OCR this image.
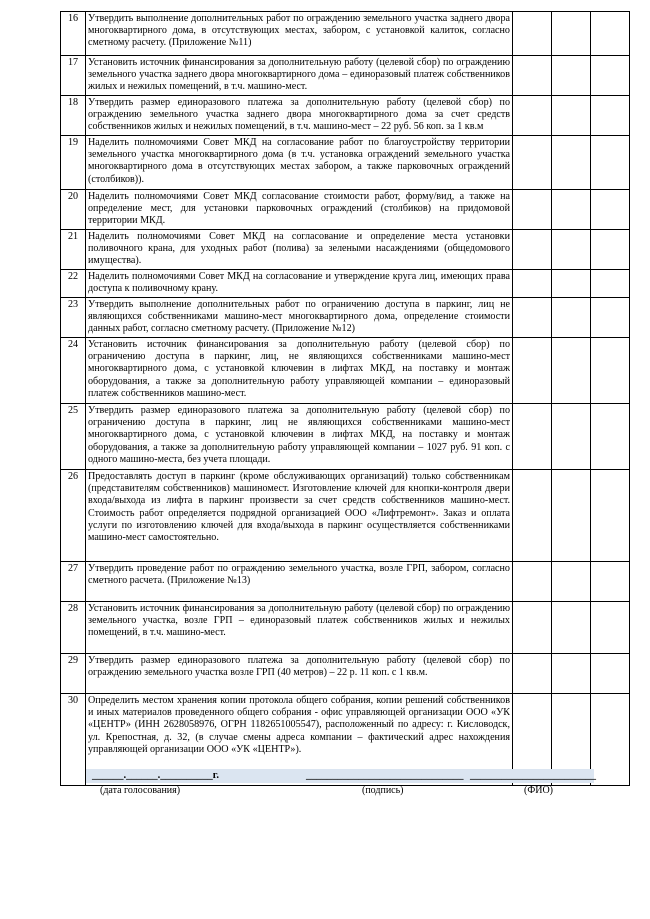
16	Утвердить выполнение дополнительных работ по ограждению земельного участка заднего двора многоквартирного дома, в отсутствующих местах, забором, с установкой калиток, согласно сметному расчету. (Приложение №11)			
17	Установить источник финансирования за дополнительную работу (целевой сбор) по ограждению земельного участка заднего двора многоквартирного дома – единоразовый платеж собственников жилых и нежилых помещений, в т.ч. машино-мест.			
18	Утвердить размер единоразового платежа за дополнительную работу (целевой сбор) по ограждению земельного участка заднего двора многоквартирного дома за счет средств собственников жилых и нежилых помещений, в т.ч. машино-мест – 22 руб. 56 коп. за 1 кв.м			
19	Наделить полномочиями Совет МКД на согласование работ по благоустройству территории земельного участка многоквартирного дома (в т.ч. установка ограждений земельного участка многоквартирного дома в отсутствующих местах забором, а также парковочных ограждений (столбиков)).			
20	Наделить полномочиями Совет МКД согласование стоимости работ, форму/вид, а также на определение мест, для установки парковочных ограждений (столбиков) на придомовой территории МКД.			
21	Наделить полномочиями Совет МКД на согласование и определение места установки поливочного крана, для уходных работ (полива) за зелеными насаждениями (общедомового имущества).			
22	Наделить полномочиями Совет МКД на согласование и утверждение круга лиц, имеющих права доступа к поливочному крану.			
23	Утвердить выполнение дополнительных работ по ограничению доступа в паркинг, лиц не являющихся собственниками машино-мест многоквартирного дома, определение стоимости данных работ, согласно сметному расчету. (Приложение №12)			
24	Установить источник финансирования за дополнительную работу (целевой сбор) по ограничению доступа в паркинг, лиц, не являющихся собственниками машино-мест многоквартирного дома, с установкой ключевин в лифтах МКД, на поставку и монтаж оборудования, а также за дополнительную работу управляющей компании – единоразовый платеж собственников машино-мест.			
25	Утвердить размер единоразового платежа за дополнительную работу (целевой сбор) по ограничению доступа в паркинг, лиц не являющихся собственниками машино-мест многоквартирного дома, с установкой ключевин в лифтах МКД, на поставку и монтаж оборудования, а также за дополнительную работу управляющей компании – 1027 руб. 91 коп. с одного машино-места, без учета площади.			
26	Предоставлять доступ в паркинг (кроме обслуживающих организаций) только собственникам (представителям собственников) машиномест. Изготовление ключей для кнопки-контроля двери входа/выхода из лифта в паркинг произвести за счет средств собственников машино-мест. Стоимость работ определяется подрядной организацией ООО «Лифтремонт». Заказ и оплата услуги по изготовлению ключей для входа/выхода в паркинг осуществляется собственниками машино-мест самостоятельно.			
27	Утвердить проведение работ по ограждению земельного участка, возле ГРП, забором, согласно сметного расчета. (Приложение №13)			
28	Установить источник финансирования за дополнительную работу (целевой сбор) по ограждению земельного участка, возле ГРП – единоразовый платеж собственников жилых и нежилых помещений, в т.ч. машино-мест.			
29	Утвердить размер единоразового платежа за дополнительную работу (целевой сбор) по ограждению земельного участка возле ГРП (40 метров) – 22 р. 11 коп. с 1 кв.м.			
30	Определить местом хранения копии протокола общего собрания, копии решений собственников и иных материалов проведенного общего собрания - офис управляющей организации ООО «УК «ЦЕНТР» (ИНН 2628058976, ОГРН 1182651005547), расположенный по адресу: г. Кисловодск, ул. Крепостная, д. 32, (в случае смены адреса компании – фактический адрес нахождения управляющей организации ООО «УК «ЦЕНТР»).			
______.______.__________г.	______________________________ ________________________
(дата голосования)	(подпись)	(ФИО)
